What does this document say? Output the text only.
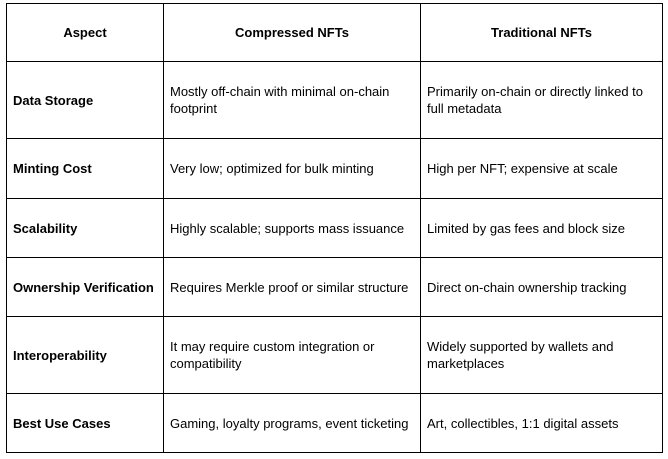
Aspect	Compressed NFTs	Traditional NFTs
Data Storage	Mostly off-chain with minimal on-chain footprint	Primarily on-chain or directly linked to full metadata
Minting Cost	Very low; optimized for bulk minting	High per NFT; expensive at scale
Scalability	Highly scalable; supports mass issuance	Limited by gas fees and block size
Ownership Verification	Requires Merkle proof or similar structure	Direct on-chain ownership tracking
Interoperability	It may require custom integration or compatibility	Widely supported by wallets and marketplaces
Best Use Cases	Gaming, loyalty programs, event ticketing	Art, collectibles, 1:1 digital assets
